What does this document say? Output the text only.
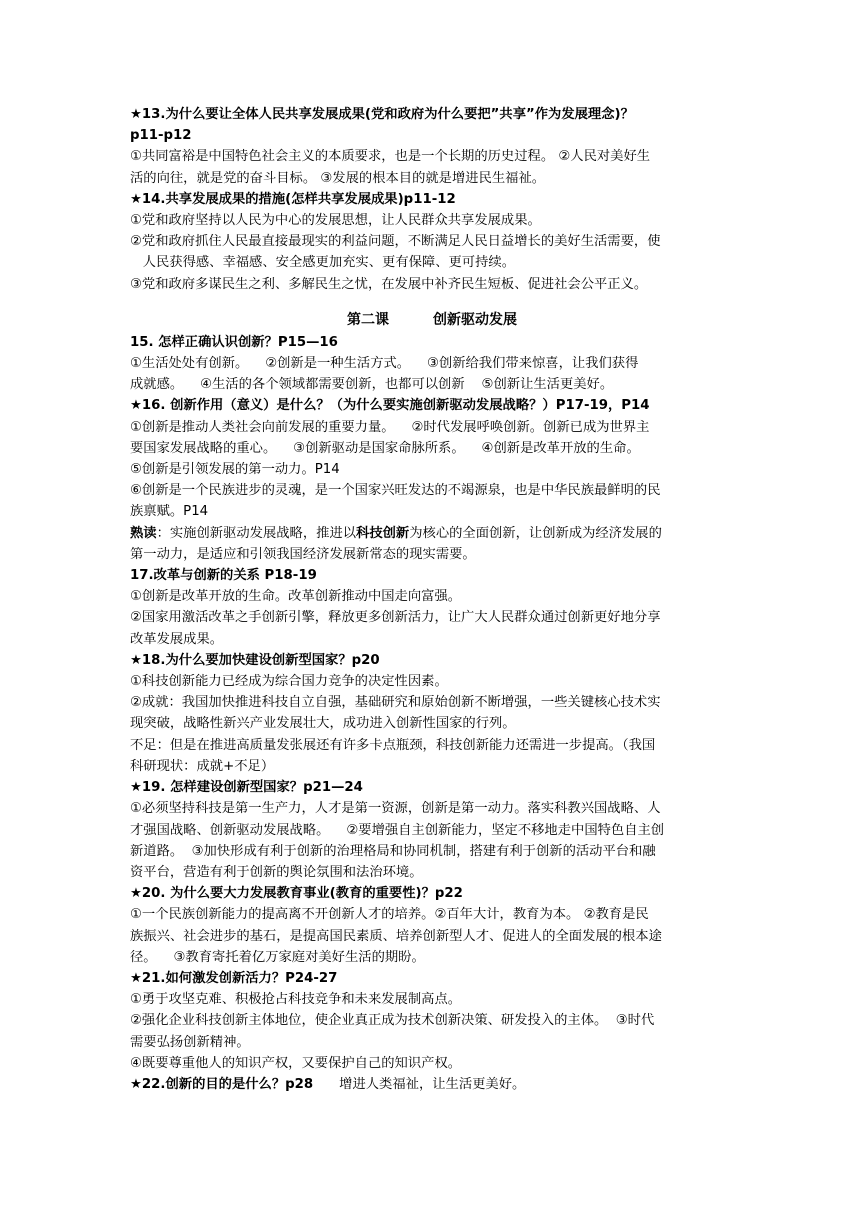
★13.为什么要让全体人民共享发展成果(党和政府为什么要把”共享”作为发展理念)？
p11-p12
①共同富裕是中国特色社会主义的本质要求，也是一个长期的历史过程。 ②人民对美好生
活的向往，就是党的奋斗目标。 ③发展的根本目的就是增进民生福祉。
★14.共享发展成果的措施(怎样共享发展成果)p11-12
①党和政府坚持以人民为中心的发展思想，让人民群众共享发展成果。
②党和政府抓住人民最直接最现实的利益问题，不断满足人民日益增长的美好生活需要，使
人民获得感、幸福感、安全感更加充实、更有保障、更可持续。
③党和政府多谋民生之利、多解民生之忧，在发展中补齐民生短板、促进社会公平正义。
第二课	创新驱动发展
15. 怎样正确认识创新？P15—16
①生活处处有创新。    ②创新是一种生活方式。    ③创新给我们带来惊喜，让我们获得
成就感。    ④生活的各个领域都需要创新，也都可以创新    ⑤创新让生活更美好。
★16. 创新作用（意义）是什么？（为什么要实施创新驱动发展战略？）P17-19，P14
①创新是推动人类社会向前发展的重要力量。    ②时代发展呼唤创新。创新已成为世界主
要国家发展战略的重心。    ③创新驱动是国家命脉所系。    ④创新是改革开放的生命。
⑤创新是引领发展的第一动力。P14
⑥创新是一个民族进步的灵魂，是一个国家兴旺发达的不竭源泉，也是中华民族最鲜明的民
族禀赋。P14
熟读：实施创新驱动发展战略，推进以科技创新为核心的全面创新，让创新成为经济发展的
第一动力，是适应和引领我国经济发展新常态的现实需要。
17.改革与创新的关系 P18-19
①创新是改革开放的生命。改革创新推动中国走向富强。
②国家用激活改革之手创新引擎，释放更多创新活力，让广大人民群众通过创新更好地分享
改革发展成果。
★18.为什么要加快建设创新型国家？p20
①科技创新能力已经成为综合国力竞争的决定性因素。
②成就：我国加快推进科技自立自强，基础研究和原始创新不断增强，一些关键核心技术实
现突破，战略性新兴产业发展壮大，成功进入创新性国家的行列。
不足：但是在推进高质量发张展还有许多卡点瓶颈，科技创新能力还需进一步提高。（我国
科研现状：成就+不足）
★19. 怎样建设创新型国家？p21—24
①必须坚持科技是第一生产力，人才是第一资源，创新是第一动力。落实科教兴国战略、人
才强国战略、创新驱动发展战略。    ②要增强自主创新能力，坚定不移地走中国特色自主创
新道路。  ③加快形成有利于创新的治理格局和协同机制，搭建有利于创新的活动平台和融
资平台，营造有利于创新的舆论氛围和法治环境。
★20. 为什么要大力发展教育事业(教育的重要性)？p22
①一个民族创新能力的提高离不开创新人才的培养。②百年大计，教育为本。 ②教育是民
族振兴、社会进步的基石，是提高国民素质、培养创新型人才、促进人的全面发展的根本途
径。    ③教育寄托着亿万家庭对美好生活的期盼。
★21.如何激发创新活力？P24-27
①勇于攻坚克难、积极抢占科技竞争和未来发展制高点。
②强化企业科技创新主体地位，使企业真正成为技术创新决策、研发投入的主体。  ③时代
需要弘扬创新精神。
④既要尊重他人的知识产权，又要保护自己的知识产权。
★22.创新的目的是什么？p28 增进人类福祉，让生活更美好。
